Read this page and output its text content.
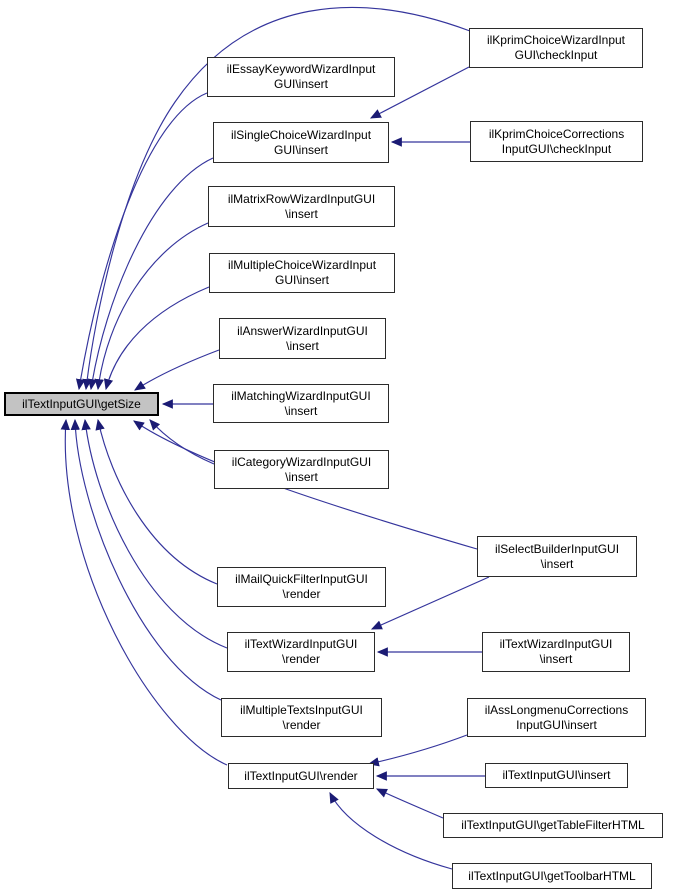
ilTextInputGUI\getSize
ilKprimChoiceWizardInput
GUI\checkInput
ilEssayKeywordWizardInput
GUI\insert
ilSingleChoiceWizardInput
GUI\insert
ilKprimChoiceCorrections
InputGUI\checkInput
ilMatrixRowWizardInputGUI
\insert
ilMultipleChoiceWizardInput
GUI\insert
ilAnswerWizardInputGUI
\insert
ilMatchingWizardInputGUI
\insert
ilCategoryWizardInputGUI
\insert
ilSelectBuilderInputGUI
\insert
ilMailQuickFilterInputGUI
\render
ilTextWizardInputGUI
\render
ilTextWizardInputGUI
\insert
ilMultipleTextsInputGUI
\render
ilAssLongmenuCorrections
InputGUI\insert
ilTextInputGUI\render	ilTextInputGUI\insert
ilTextInputGUI\getTableFilterHTML
ilTextInputGUI\getToolbarHTML
